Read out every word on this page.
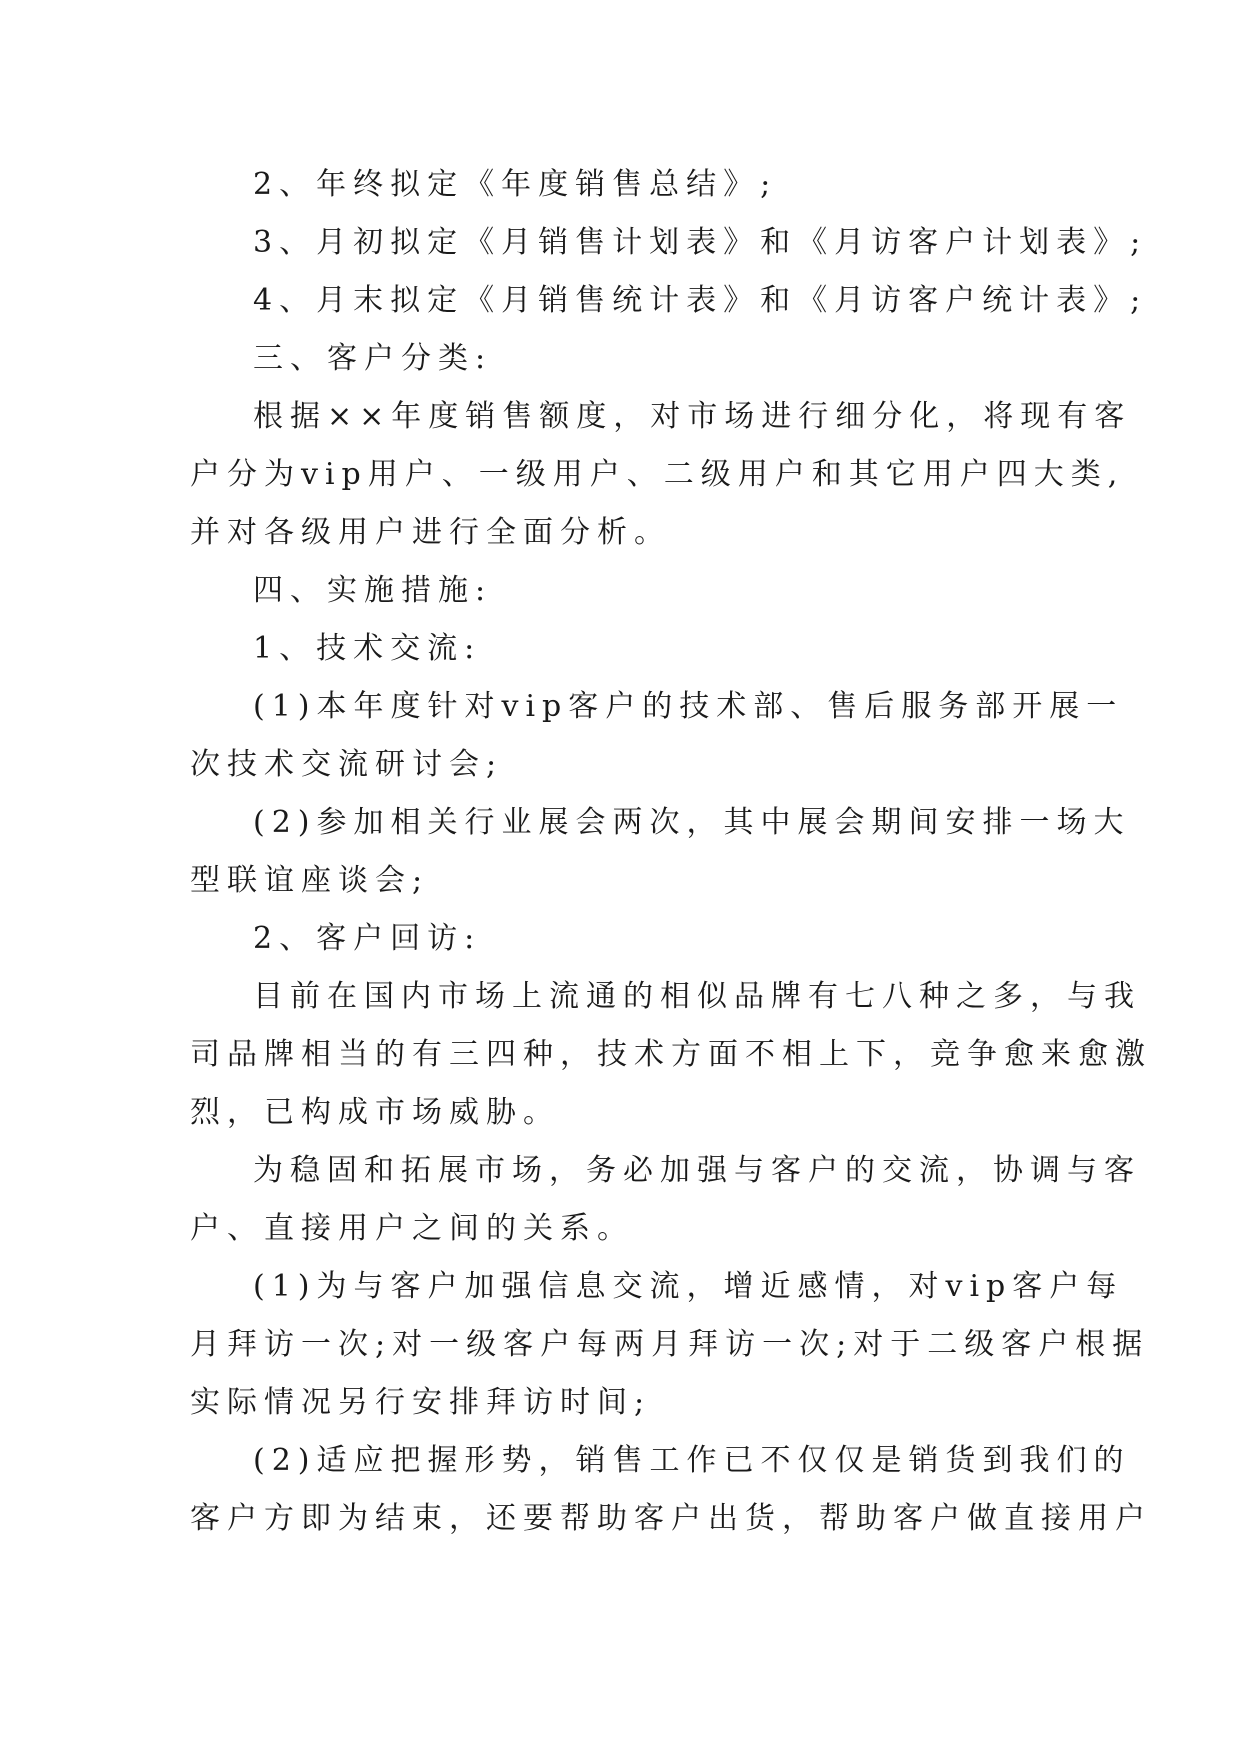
2、年终拟定《年度销售总结》;
3、月初拟定《月销售计划表》和《月访客户计划表》;
4、月末拟定《月销售统计表》和《月访客户统计表》;
三、客户分类:
根据××年度销售额度，对市场进行细分化，将现有客
户分为vip用户、一级用户、二级用户和其它用户四大类,
并对各级用户进行全面分析。
四、实施措施:
1、技术交流:
(1)本年度针对vip客户的技术部、售后服务部开展一
次技术交流研讨会;
(2)参加相关行业展会两次，其中展会期间安排一场大
型联谊座谈会;
2、客户回访:
目前在国内市场上流通的相似品牌有七八种之多，与我
司品牌相当的有三四种，技术方面不相上下，竞争愈来愈激
烈，已构成市场威胁。
为稳固和拓展市场，务必加强与客户的交流，协调与客
户、直接用户之间的关系。
(1)为与客户加强信息交流，增近感情，对vip客户每
月拜访一次;对一级客户每两月拜访一次;对于二级客户根据
实际情况另行安排拜访时间;
(2)适应把握形势，销售工作已不仅仅是销货到我们的
客户方即为结束，还要帮助客户出货，帮助客户做直接用户
